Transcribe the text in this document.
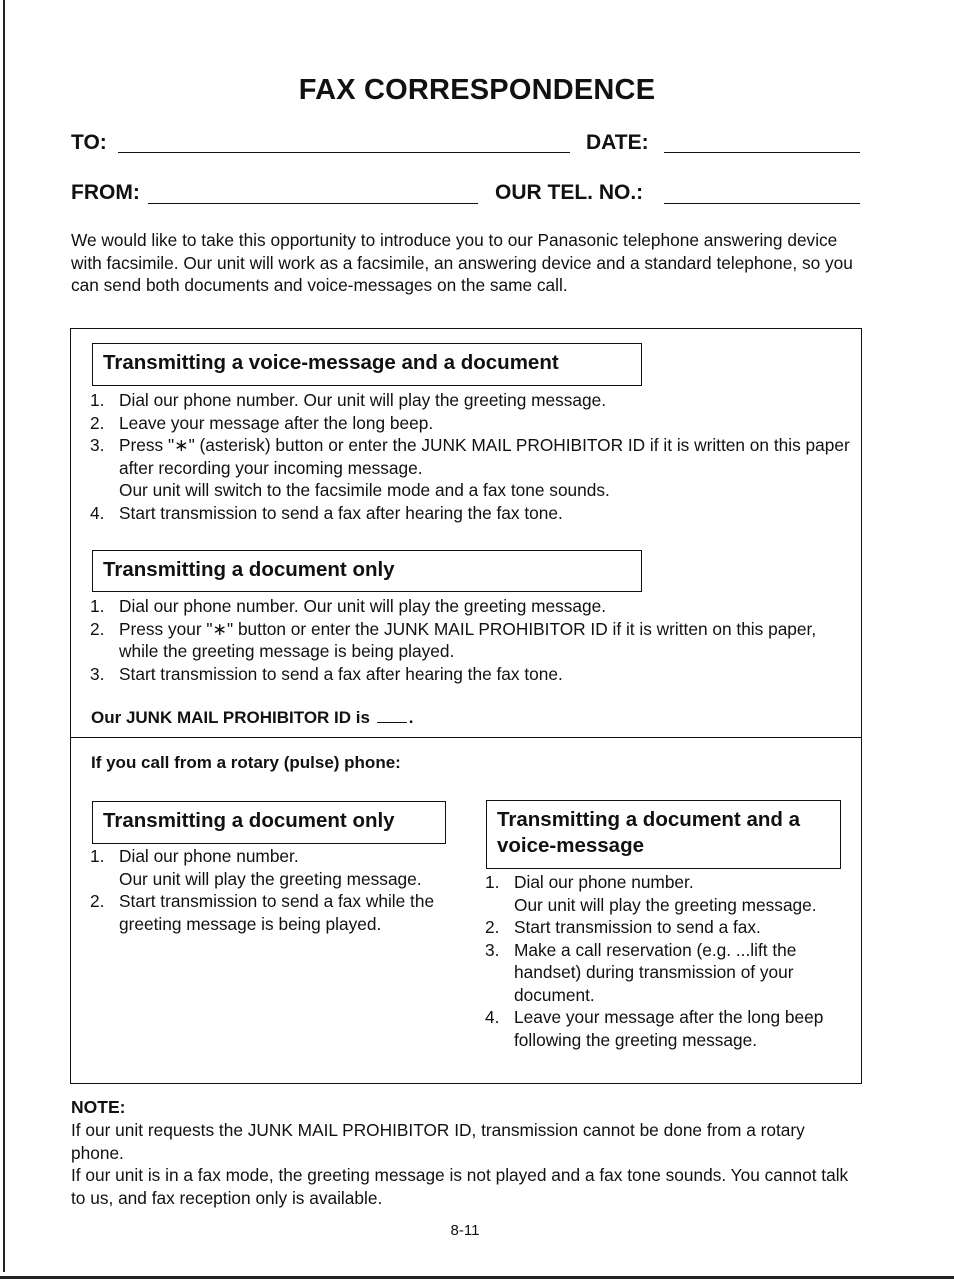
FAX CORRESPONDENCE
TO:	DATE:
FROM:	OUR TEL. NO.:
We would like to take this opportunity to introduce you to our Panasonic telephone answering device with facsimile. Our unit will work as a facsimile, an answering device and a standard telephone, so you can send both documents and voice-messages on the same call.
Transmitting a voice-message and a document
1. Dial our phone number. Our unit will play the greeting message.
2. Leave your message after the long beep.
3. Press "∗" (asterisk) button or enter the JUNK MAIL PROHIBITOR ID if it is written on this paper after recording your incoming message.
Our unit will switch to the facsimile mode and a fax tone sounds.
4. Start transmission to send a fax after hearing the fax tone.
Transmitting a document only
1. Dial our phone number. Our unit will play the greeting message.
2. Press your "∗" button or enter the JUNK MAIL PROHIBITOR ID if it is written on this paper, while the greeting message is being played.
3. Start transmission to send a fax after hearing the fax tone.
Our JUNK MAIL PROHIBITOR ID is .
If you call from a rotary (pulse) phone:
Transmitting a document only
1. Dial our phone number.
Our unit will play the greeting message.
2. Start transmission to send a fax while the greeting message is being played.
Transmitting a document and a voice-message
1. Dial our phone number.
Our unit will play the greeting message.
2. Start transmission to send a fax.
3. Make a call reservation (e.g. ...lift the handset) during transmission of your document.
4. Leave your message after the long beep following the greeting message.
NOTE:
If our unit requests the JUNK MAIL PROHIBITOR ID, transmission cannot be done from a rotary phone.
If our unit is in a fax mode, the greeting message is not played and a fax tone sounds. You cannot talk to us, and fax reception only is available.
8-11
